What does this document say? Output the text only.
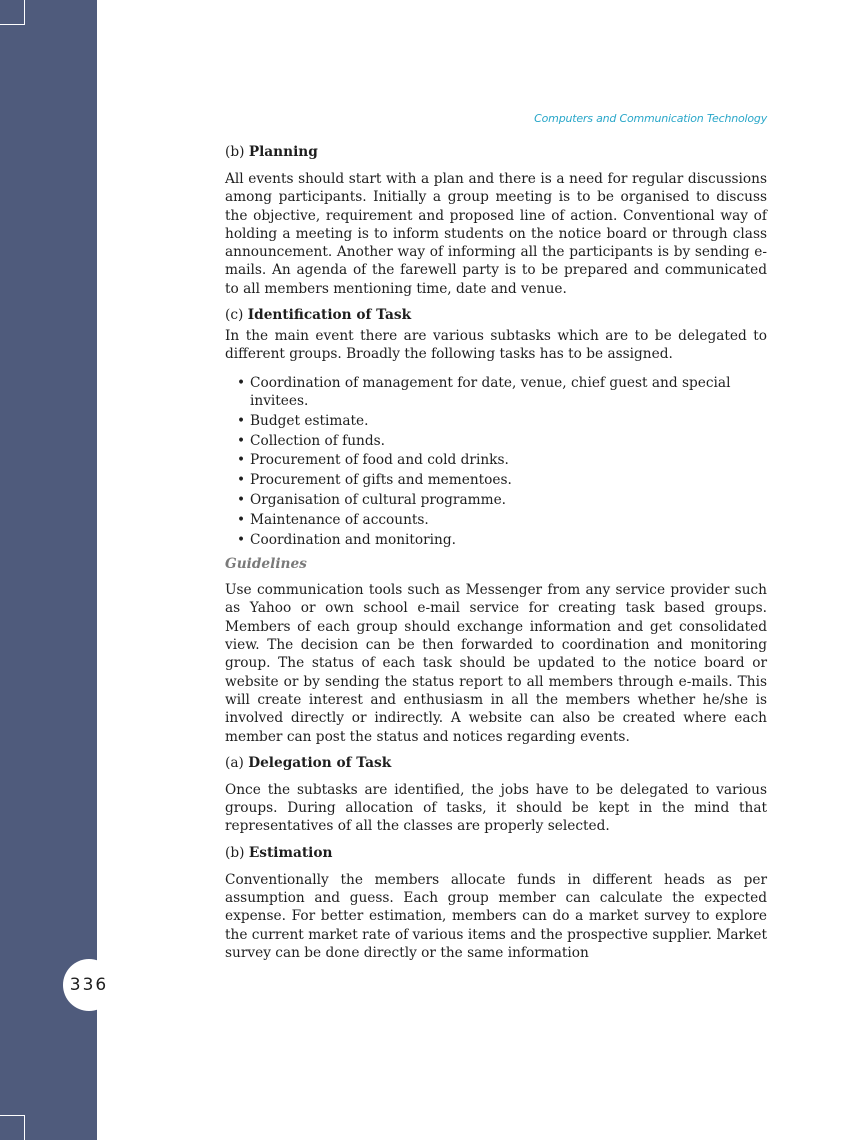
336
Computers and Communication Technology
(b) Planning

All events should start with a plan and there is a need for regular discussions among participants. Initially a group meeting is to be organised to discuss the objective, requirement and proposed line of action. Conventional way of holding a meeting is to inform students on the notice board or through class announcement. Another way of informing all the participants is by sending e-mails. An agenda of the farewell party is to be prepared and communicated to all members mentioning time, date and venue.

(c) Identification of Task

In the main event there are various subtasks which are to be delegated to different groups. Broadly the following tasks has to be assigned.

• Coordination of management for date, venue, chief guest and special invitees.
• Budget estimate.
• Collection of funds.
• Procurement of food and cold drinks.
• Procurement of gifts and mementoes.
• Organisation of cultural programme.
• Maintenance of accounts.
• Coordination and monitoring.
Guidelines

Use communication tools such as Messenger from any service provider such as Yahoo or own school e-mail service for creating task based groups. Members of each group should exchange information and get consolidated view. The decision can be then forwarded to coordination and monitoring group. The status of each task should be updated to the notice board or website or by sending the status report to all members through e-mails. This will create interest and enthusiasm in all the members whether he/she is involved directly or indirectly. A website can also be created where each member can post the status and notices regarding events.

(a) Delegation of Task

Once the subtasks are identified, the jobs have to be delegated to various groups. During allocation of tasks, it should be kept in the mind that representatives of all the classes are properly selected.

(b) Estimation

Conventionally the members allocate funds in different heads as per assumption and guess. Each group member can calculate the expected expense. For better estimation, members can do a market survey to explore the current market rate of various items and the prospective supplier. Market survey can be done directly or the same information
